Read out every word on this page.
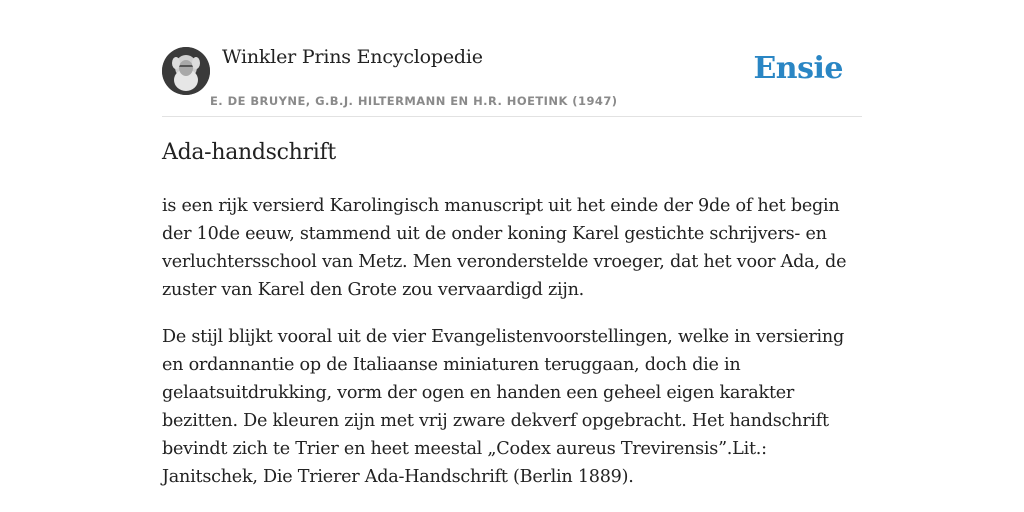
Winkler Prins Encyclopedie
E. DE BRUYNE, G.B.J. HILTERMANN EN H.R. HOETINK (1947)
Ensie
Ada-handschrift

is een rijk versierd Karolingisch manuscript uit het einde der 9de of het begin der 10de eeuw, stammend uit de onder koning Karel gestichte schrijvers- en verluchtersschool van Metz. Men veronderstelde vroeger, dat het voor Ada, de zuster van Karel den Grote zou vervaardigd zijn.

De stijl blijkt vooral uit de vier Evangelistenvoorstellingen, welke in versiering en ordannantie op de Italiaanse miniaturen teruggaan, doch die in gelaatsuitdrukking, vorm der ogen en handen een geheel eigen karakter bezitten. De kleuren zijn met vrij zware dekverf opgebracht. Het handschrift bevindt zich te Trier en heet meestal „Codex aureus Trevirensis”.Lit.: Janitschek, Die Trierer Ada-Handschrift (Berlin 1889).
